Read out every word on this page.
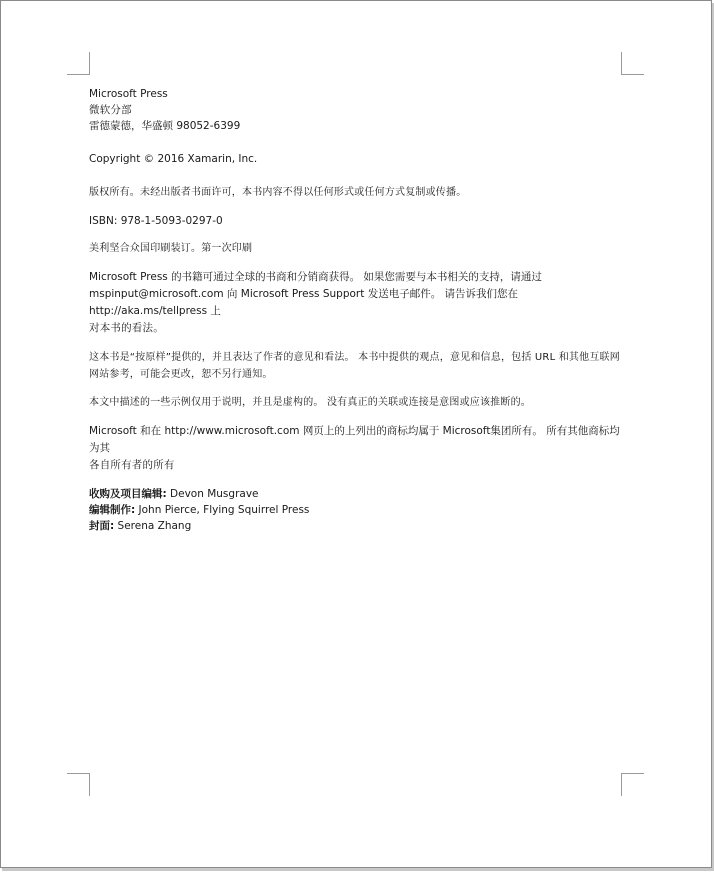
Microsoft Press

微软分部

雷德蒙德，华盛顿 98052-6399

Copyright © 2016 Xamarin, Inc.

版权所有。未经出版者书面许可，本书内容不得以任何形式或任何方式复制或传播。

ISBN: 978-1-5093-0297-0

美利坚合众国印刷装订。第一次印刷

Microsoft Press 的书籍可通过全球的书商和分销商获得。 如果您需要与本书相关的支持，请通过

mspinput@microsoft.com 向 Microsoft Press Support 发送电子邮件。 请告诉我们您在 http://aka.ms/tellpress 上

对本书的看法。

这本书是“按原样”提供的，并且表达了作者的意见和看法。 本书中提供的观点，意见和信息，包括 URL 和其他互联网

网站参考，可能会更改，恕不另行通知。

本文中描述的一些示例仅用于说明，并且是虚构的。 没有真正的关联或连接是意图或应该推断的。

Microsoft 和在 http://www.microsoft.com 网页上的上列出的商标均属于 Microsoft集团所有。 所有其他商标均为其

各自所有者的所有

收购及项目编辑: Devon Musgrave

编辑制作: John Pierce, Flying Squirrel Press

封面: Serena Zhang
